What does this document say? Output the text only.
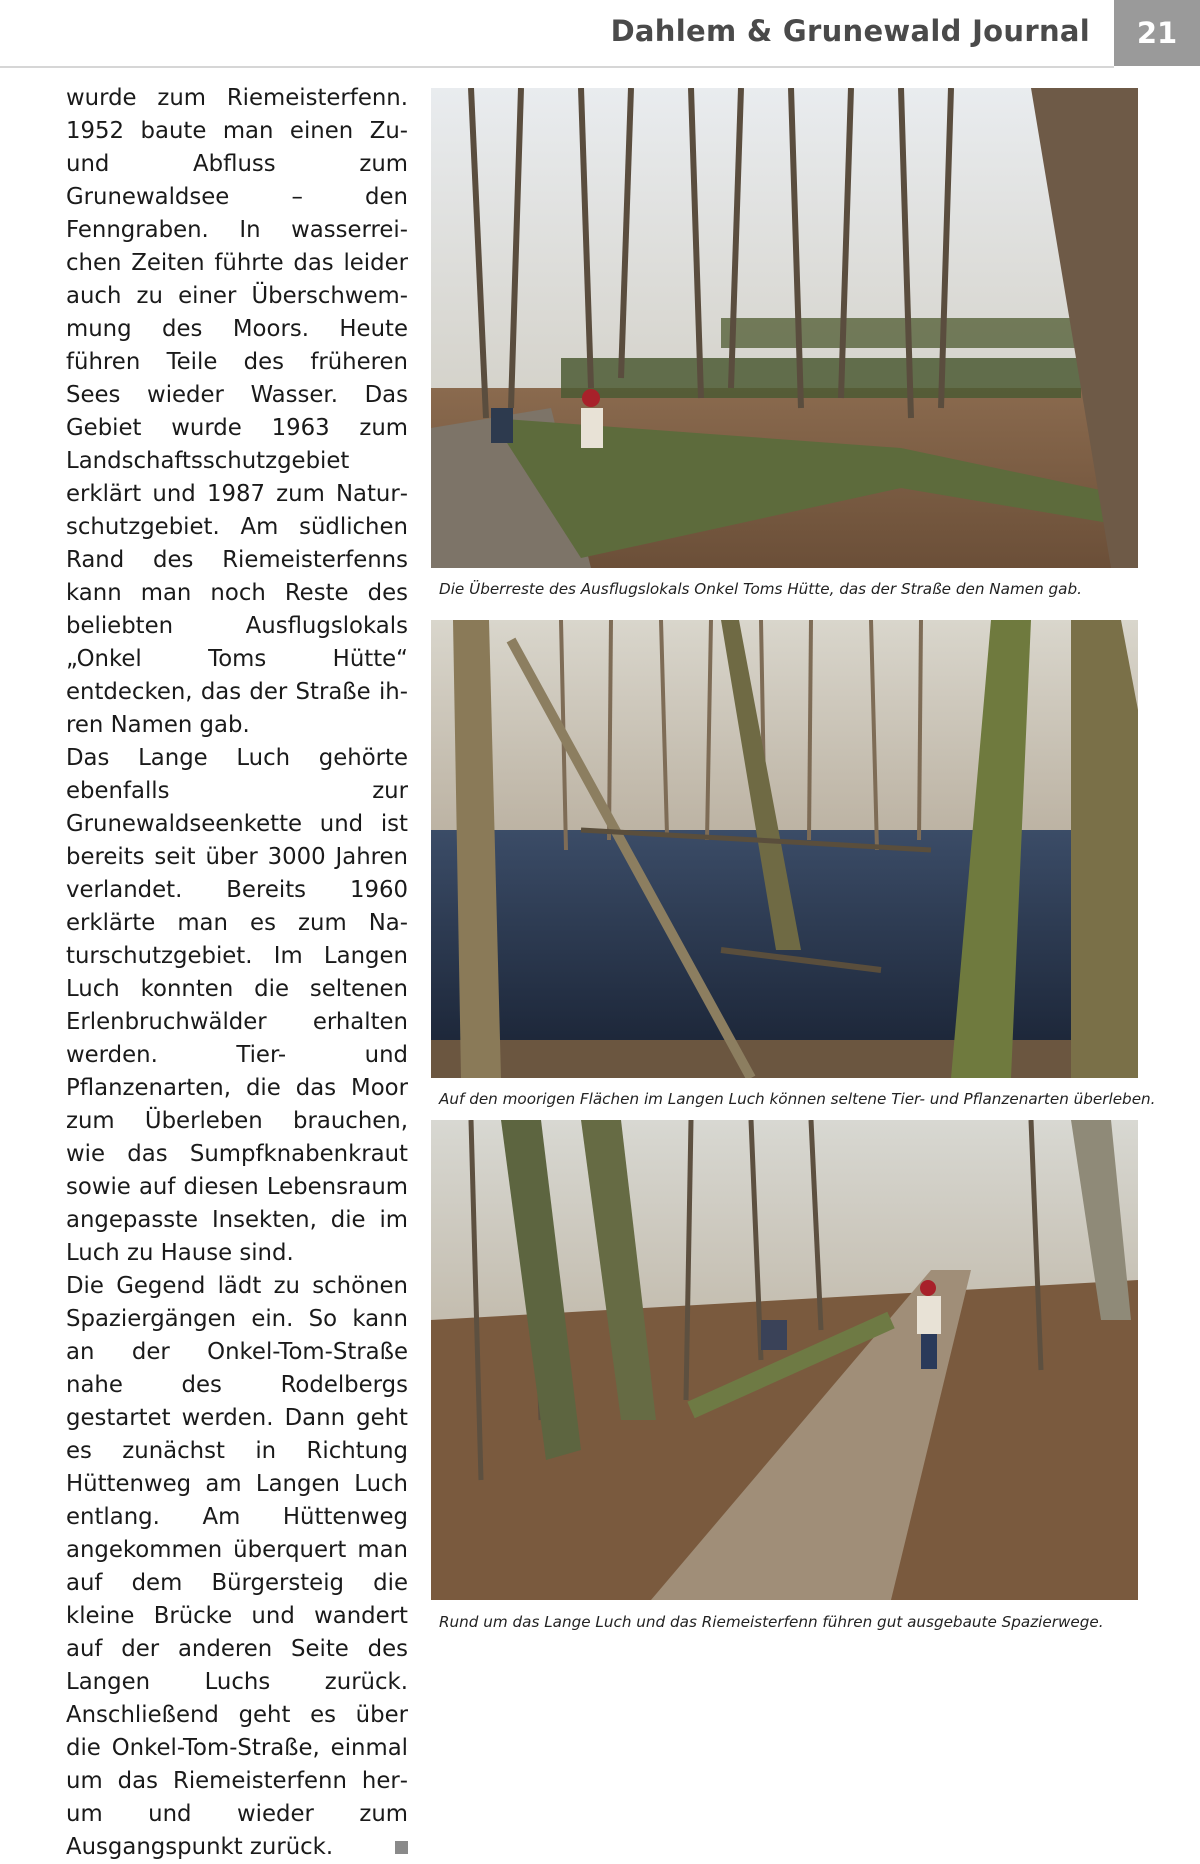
Dahlem & Grunewald Journal 21

wurde zum Riemeisterfenn. 1952 baute man einen Zu- und Abfluss zum Grunewaldsee – den Fenngraben. In wasserreichen Zeiten führte das leider auch zu einer Überschwemmung des Moors. Heute führen Teile des früheren Sees wieder Wasser. Das Gebiet wurde 1963 zum Landschaftsschutzgebiet erklärt und 1987 zum Naturschutzgebiet. Am südlichen Rand des Riemeisterfenns kann man noch Reste des beliebten Ausflugslokals „Onkel Toms Hütte“ entdecken, das der Straße ihren Namen gab.

Das Lange Luch gehörte ebenfalls zur Grunewaldseenkette und ist bereits seit über 3000 Jahren verlandet. Bereits 1960 erklärte man es zum Naturschutzgebiet. Im Langen Luch konnten die seltenen Erlenbruchwälder erhalten werden. Tier- und Pflanzenarten, die das Moor zum Überleben brauchen, wie das Sumpfknabenkraut sowie auf diesen Lebensraum angepasste Insekten, die im Luch zu Hause sind.

Die Gegend lädt zu schönen Spaziergängen ein. So kann an der Onkel-Tom-Straße nahe des Rodelbergs gestartet werden. Dann geht es zunächst in Richtung Hüttenweg am Langen Luch entlang. Am Hüttenweg angekommen überquert man auf dem Bürgersteig die kleine Brücke und wandert auf der anderen Seite des Langen Luchs zurück. Anschließend geht es über die Onkel-Tom-Straße, einmal um das Riemeisterfenn herum und wieder zum Ausgangspunkt zurück.

Die Überreste des Ausflugslokals Onkel Toms Hütte, das der Straße den Namen gab.
Auf den moorigen Flächen im Langen Luch können seltene Tier- und Pflanzenarten überleben.
Rund um das Lange Luch und das Riemeisterfenn führen gut ausgebaute Spazierwege.
